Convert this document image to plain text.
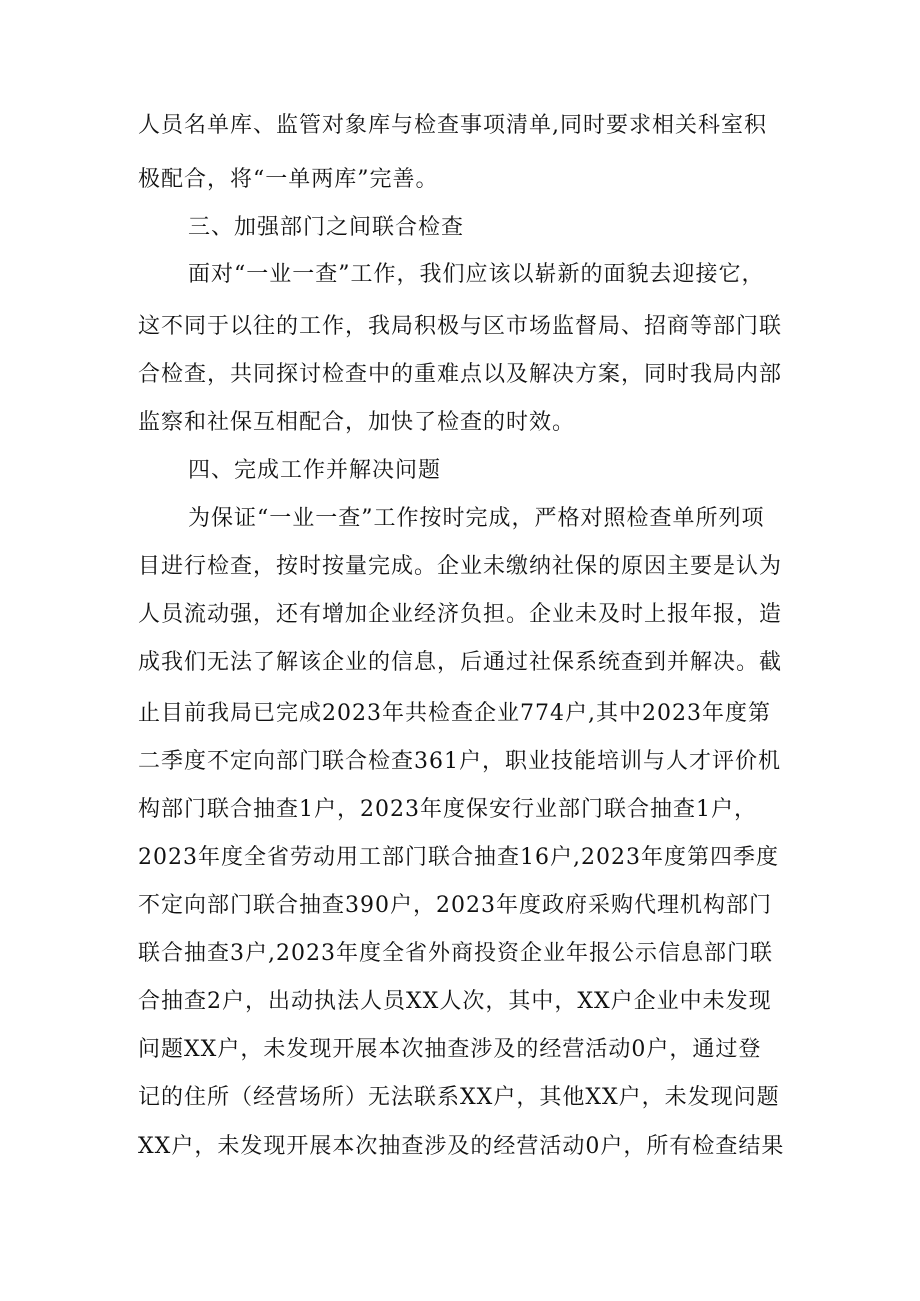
人员名单库、监管对象库与检查事项清单,同时要求相关科室积
极配合，将“一单两库”完善。
三、加强部门之间联合检查
面对“一业一查”工作，我们应该以崭新的面貌去迎接它，
这不同于以往的工作，我局积极与区市场监督局、招商等部门联
合检查，共同探讨检查中的重难点以及解决方案，同时我局内部
监察和社保互相配合，加快了检查的时效。
四、完成工作并解决问题
为保证“一业一查”工作按时完成，严格对照检查单所列项
目进行检查，按时按量完成。企业未缴纳社保的原因主要是认为
人员流动强，还有增加企业经济负担。企业未及时上报年报，造
成我们无法了解该企业的信息，后通过社保系统查到并解决。截
止目前我局已完成2023年共检查企业774户,其中2023年度第
二季度不定向部门联合检查361户，职业技能培训与人才评价机
构部门联合抽查1户，2023年度保安行业部门联合抽查1户，
2023年度全省劳动用工部门联合抽查16户,2023年度第四季度
不定向部门联合抽查390户，2023年度政府采购代理机构部门
联合抽查3户,2023年度全省外商投资企业年报公示信息部门联
合抽查2户，出动执法人员XX人次，其中，XX户企业中未发现
问题XX户，未发现开展本次抽查涉及的经营活动0户，通过登
记的住所（经营场所）无法联系XX户，其他XX户，未发现问题
XX户，未发现开展本次抽查涉及的经营活动0户，所有检查结果
